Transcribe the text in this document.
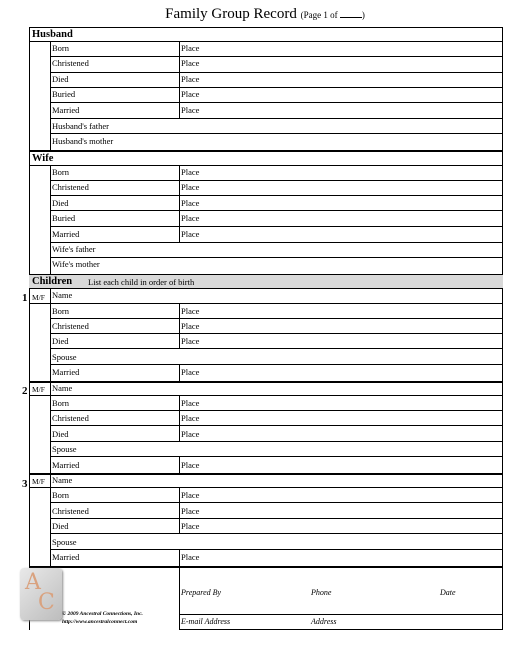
Family Group Record (Page 1 of	)
Husband
Born	Place
Christened	Place
Died	Place
Buried	Place
Married	Place
Husband's father
Husband's mother
Wife
Born	Place
Christened	Place
Died	Place
Buried	Place
Married	Place
Wife's father
Wife's mother
Children List each child in order of birth
1 M/F Name
Born	Place
Christened	Place
Died	Place
Spouse
Married	Place
2 M/F Name
Born	Place
Christened	Place
Died	Place
Spouse
Married	Place
3 M/F Name
Born	Place
Christened	Place
Died	Place
Spouse
Married	Place
A
C © 2009 Ancestral Connections, Inc.
http://www.ancestralconnect.com
Prepared By	Phone	Date
E-mail Address	Address
